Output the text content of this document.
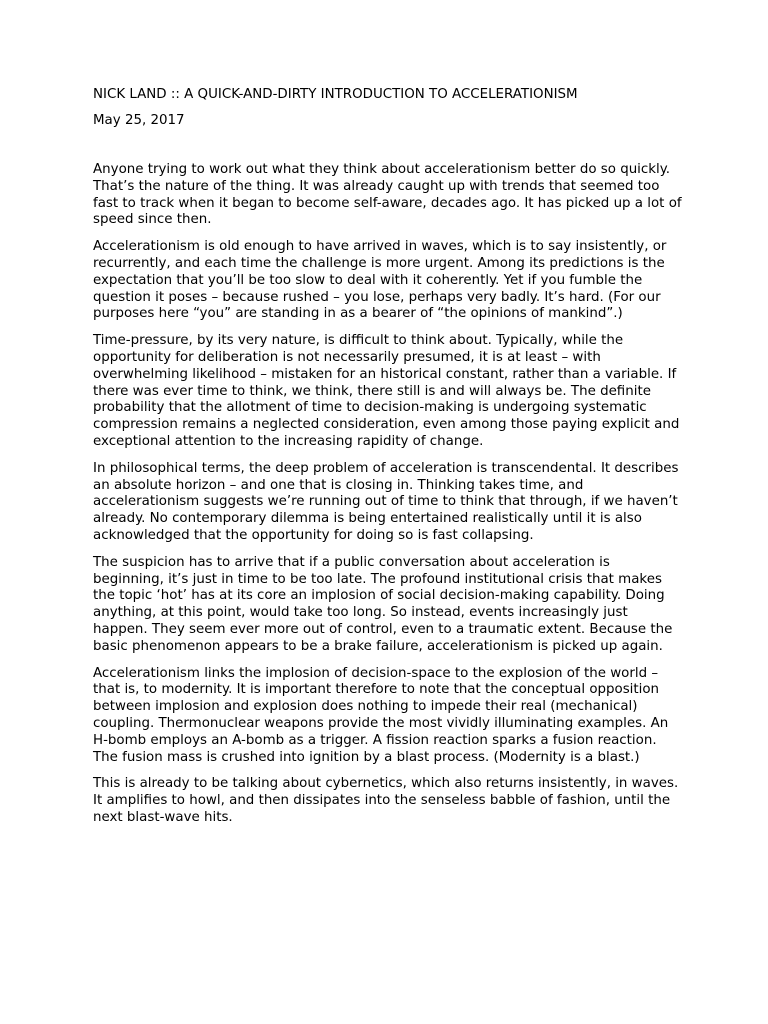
NICK LAND :: A QUICK-AND-DIRTY INTRODUCTION TO ACCELERATIONISM

May 25, 2017

Anyone trying to work out what they think about accelerationism better do so quickly. That’s the nature of the thing. It was already caught up with trends that seemed too fast to track when it began to become self-aware, decades ago. It has picked up a lot of speed since then.

Accelerationism is old enough to have arrived in waves, which is to say insistently, or recurrently, and each time the challenge is more urgent. Among its predictions is the expectation that you’ll be too slow to deal with it coherently. Yet if you fumble the question it poses – because rushed – you lose, perhaps very badly. It’s hard. (For our purposes here “you” are standing in as a bearer of “the opinions of mankind”.)

Time-pressure, by its very nature, is difficult to think about. Typically, while the opportunity for deliberation is not necessarily presumed, it is at least – with overwhelming likelihood – mistaken for an historical constant, rather than a variable. If there was ever time to think, we think, there still is and will always be. The definite probability that the allotment of time to decision-making is undergoing systematic compression remains a neglected consideration, even among those paying explicit and exceptional attention to the increasing rapidity of change.

In philosophical terms, the deep problem of acceleration is transcendental. It describes an absolute horizon – and one that is closing in. Thinking takes time, and accelerationism suggests we’re running out of time to think that through, if we haven’t already. No contemporary dilemma is being entertained realistically until it is also acknowledged that the opportunity for doing so is fast collapsing.

The suspicion has to arrive that if a public conversation about acceleration is beginning, it’s just in time to be too late. The profound institutional crisis that makes the topic ‘hot’ has at its core an implosion of social decision-making capability. Doing anything, at this point, would take too long. So instead, events increasingly just happen. They seem ever more out of control, even to a traumatic extent. Because the basic phenomenon appears to be a brake failure, accelerationism is picked up again.

Accelerationism links the implosion of decision-space to the explosion of the world – that is, to modernity. It is important therefore to note that the conceptual opposition between implosion and explosion does nothing to impede their real (mechanical) coupling. Thermonuclear weapons provide the most vividly illuminating examples. An H-bomb employs an A-bomb as a trigger. A fission reaction sparks a fusion reaction. The fusion mass is crushed into ignition by a blast process. (Modernity is a blast.)

This is already to be talking about cybernetics, which also returns insistently, in waves. It amplifies to howl, and then dissipates into the senseless babble of fashion, until the next blast-wave hits.
